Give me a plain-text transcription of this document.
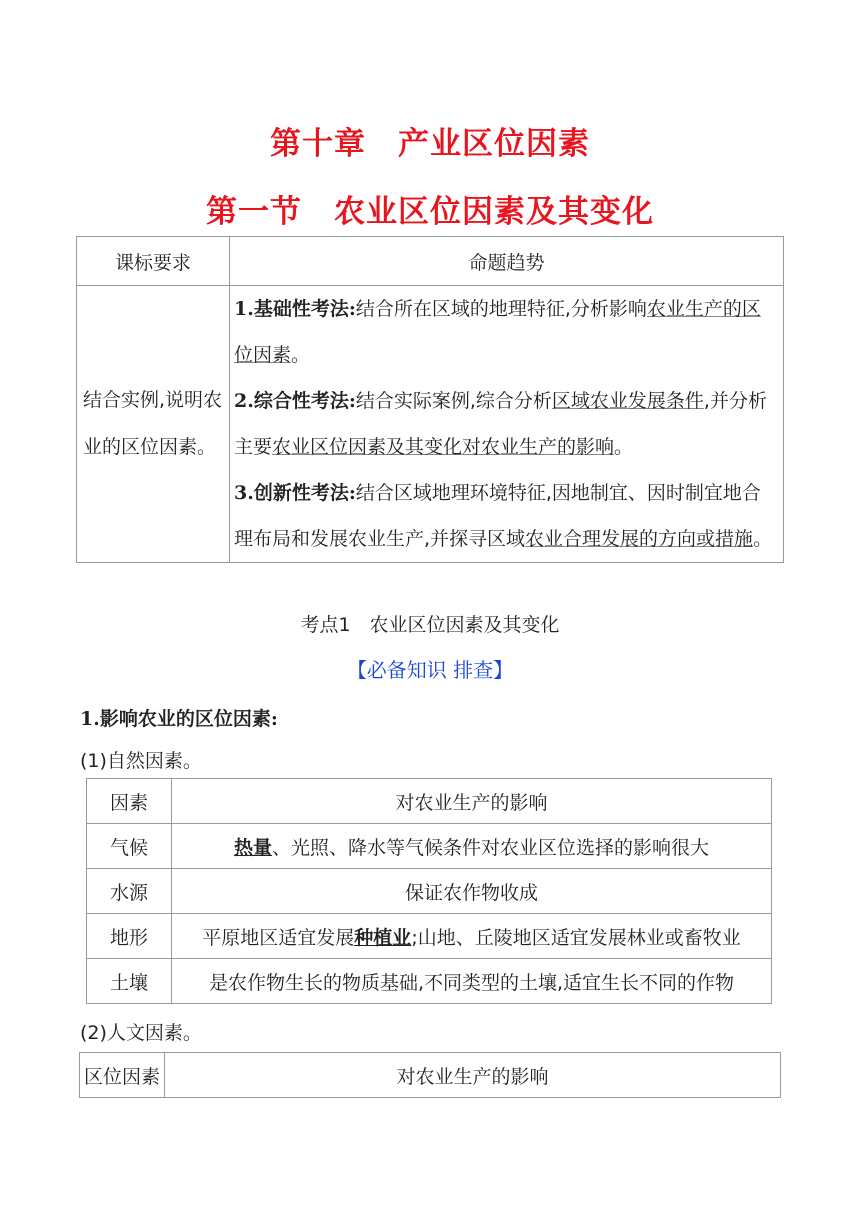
第十章　产业区位因素
第一节　农业区位因素及其变化
课标要求	命题趋势
结合实例,说明农业的区位因素。	1.基础性考法:结合所在区域的地理特征,分析影响农业生产的区位因素。
2.综合性考法:结合实际案例,综合分析区域农业发展条件,并分析主要农业区位因素及其变化对农业生产的影响。
3.创新性考法:结合区域地理环境特征,因地制宜、因时制宜地合理布局和发展农业生产,并探寻区域农业合理发展的方向或措施。
考点1　农业区位因素及其变化
【必备知识 排查】
1.影响农业的区位因素:
(1)自然因素。
因素	对农业生产的影响
气候	热量、光照、降水等气候条件对农业区位选择的影响很大
水源	保证农作物收成
地形	平原地区适宜发展种植业;山地、丘陵地区适宜发展林业或畜牧业
土壤	是农作物生长的物质基础,不同类型的土壤,适宜生长不同的作物
(2)人文因素。
区位因素	对农业生产的影响
